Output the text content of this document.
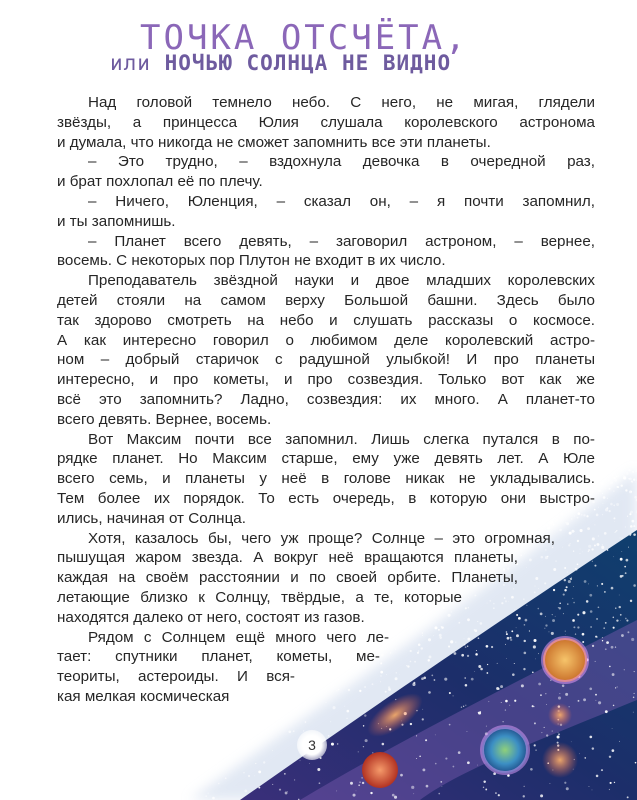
ТОЧКА ОТСЧЁТА,
или НОЧЬЮ СОЛНЦА НЕ ВИДНО
Над головой темнело небо. С него, не мигая, глядели
звёзды, а принцесса Юлия слушала королевского астронома
и думала, что никогда не сможет запомнить все эти планеты.
– Это трудно, – вздохнула девочка в очередной раз,
и брат похлопал её по плечу.
– Ничего, Юленция, – сказал он, – я почти запомнил,
и ты запомнишь.
– Планет всего девять, – заговорил астроном, – вернее,
восемь. С некоторых пор Плутон не входит в их число.
Преподаватель звёздной науки и двое младших королевских
детей стояли на самом верху Большой башни. Здесь было
так здорово смотреть на небо и слушать рассказы о космосе.
А как интересно говорил о любимом деле королевский астро-
ном – добрый старичок с радушной улыбкой! И про планеты
интересно, и про кометы, и про созвездия. Только вот как же
всё это запомнить? Ладно, созвездия: их много. А планет-то
всего девять. Вернее, восемь.
Вот Максим почти все запомнил. Лишь слегка путался в по-
рядке планет. Но Максим старше, ему уже девять лет. А Юле
всего семь, и планеты у неё в голове никак не укладывались.
Тем более их порядок. То есть очередь, в которую они выстро-
ились, начиная от Солнца.
Хотя, казалось бы, чего уж проще? Солнце – это огромная,
пышущая жаром звезда. А вокруг неё вращаются планеты,
каждая на своём расстоянии и по своей орбите. Планеты,
летающие близко к Солнцу, твёрдые, а те, которые
находятся далеко от него, состоят из газов.
Рядом с Солнцем ещё много чего ле-
тает: спутники планет, кометы, ме-
теориты, астероиды. И вся-
кая мелкая космическая
3
